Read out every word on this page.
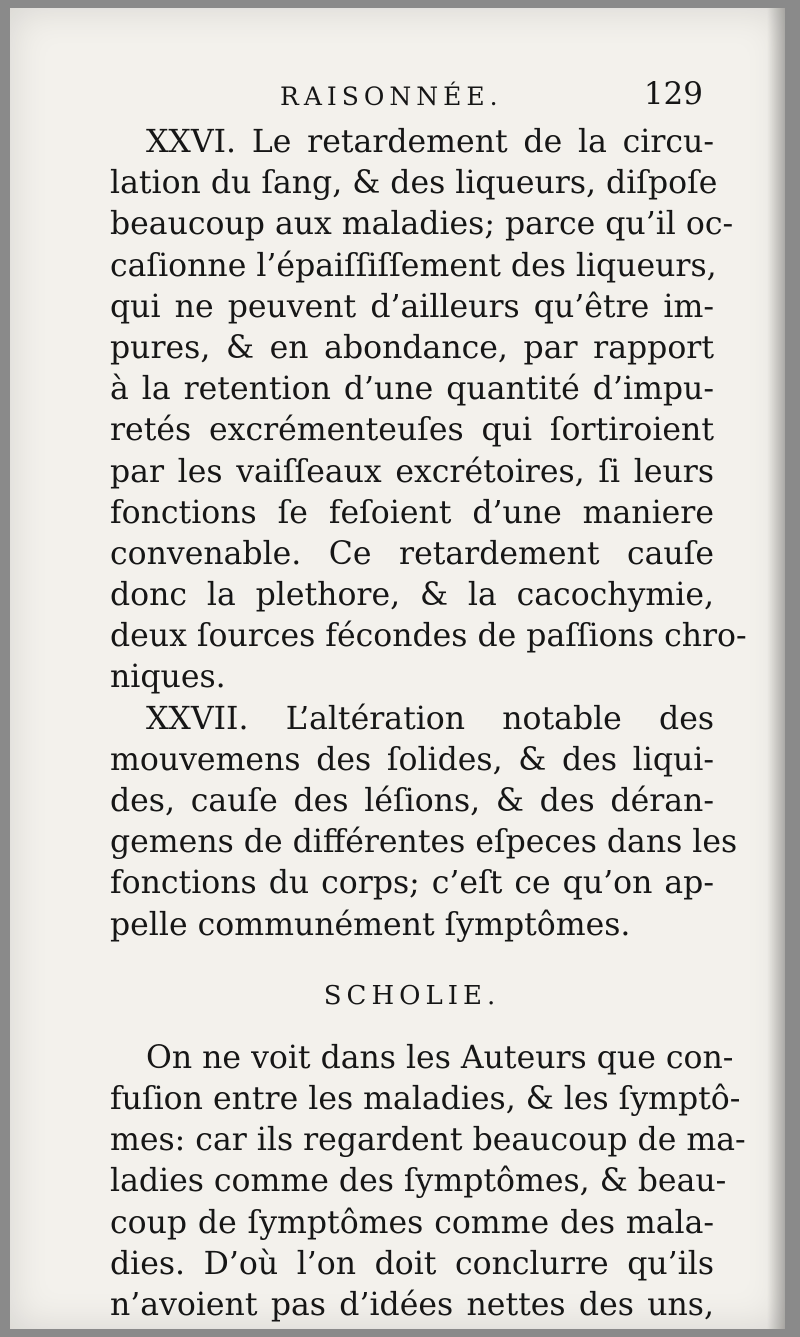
RAISONNÉE.	129
XXVI. Le retardement de la circu-
lation du ſang, & des liqueurs, diſpoſe
beaucoup aux maladies; parce qu’il oc-
caſionne l’épaiſſiſſement des liqueurs,
qui ne peuvent d’ailleurs qu’être im-
pures, & en abondance, par rapport
à la retention d’une quantité d’impu-
retés excrémenteuſes qui ſortiroient
par les vaiſſeaux excrétoires, ſi leurs
fonctions ſe feſoient d’une maniere
convenable. Ce retardement cauſe
donc la plethore, & la cacochymie,
deux ſources fécondes de paſſions chro-
niques.
XXVII. L’altération notable des
mouvemens des ſolides, & des liqui-
des, cauſe des léſions, & des déran-
gemens de différentes eſpeces dans les
fonctions du corps; c’eſt ce qu’on ap-
pelle communément ſymptômes.
SCHOLIE.
On ne voit dans les Auteurs que con-
fuſion entre les maladies, & les ſymptô-
mes: car ils regardent beaucoup de ma-
ladies comme des ſymptômes, & beau-
coup de ſymptômes comme des mala-
dies. D’où l’on doit conclurre qu’ils
n’avoient pas d’idées nettes des uns,
